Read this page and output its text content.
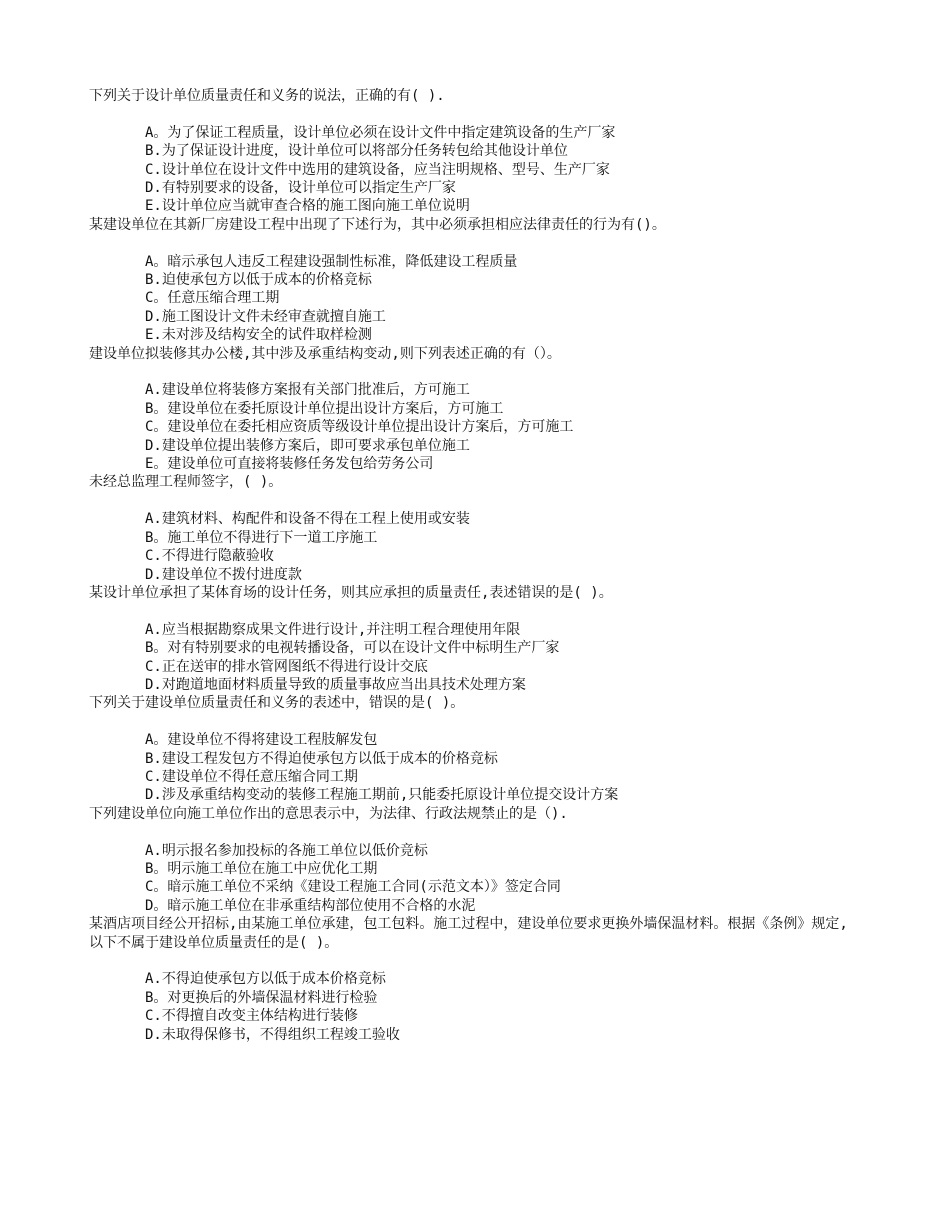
下列关于设计单位质量责任和义务的说法，正确的有( ).

A。为了保证工程质量，设计单位必须在设计文件中指定建筑设备的生产厂家
B.为了保证设计进度，设计单位可以将部分任务转包给其他设计单位
C.设计单位在设计文件中选用的建筑设备，应当注明规格、型号、生产厂家
D.有特别要求的设备，设计单位可以指定生产厂家
E.设计单位应当就审查合格的施工图向施工单位说明

某建设单位在其新厂房建设工程中出现了下述行为，其中必须承担相应法律责任的行为有()。

A。暗示承包人违反工程建设强制性标准，降低建设工程质量
B.迫使承包方以低于成本的价格竞标
C。任意压缩合理工期
D.施工图设计文件未经审查就擅自施工
E.未对涉及结构安全的试件取样检测

建设单位拟装修其办公楼,其中涉及承重结构变动,则下列表述正确的有（）。

A.建设单位将装修方案报有关部门批准后，方可施工
B。建设单位在委托原设计单位提出设计方案后，方可施工
C。建设单位在委托相应资质等级设计单位提出设计方案后，方可施工
D.建设单位提出装修方案后，即可要求承包单位施工
E。建设单位可直接将装修任务发包给劳务公司

未经总监理工程师签字，( )。

A.建筑材料、构配件和设备不得在工程上使用或安装
B。施工单位不得进行下一道工序施工
C.不得进行隐蔽验收
D.建设单位不拨付进度款

某设计单位承担了某体育场的设计任务，则其应承担的质量责任,表述错误的是( )。

A.应当根据勘察成果文件进行设计,并注明工程合理使用年限
B。对有特别要求的电视转播设备，可以在设计文件中标明生产厂家
C.正在送审的排水管网图纸不得进行设计交底
D.对跑道地面材料质量导致的质量事故应当出具技术处理方案

下列关于建设单位质量责任和义务的表述中，错误的是( )。

A。建设单位不得将建设工程肢解发包
B.建设工程发包方不得迫使承包方以低于成本的价格竞标
C.建设单位不得任意压缩合同工期
D.涉及承重结构变动的装修工程施工期前,只能委托原设计单位提交设计方案

下列建设单位向施工单位作出的意思表示中，为法律、行政法规禁止的是（).

A.明示报名参加投标的各施工单位以低价竞标
B。明示施工单位在施工中应优化工期
C。暗示施工单位不采纳《建设工程施工合同(示范文本）》签定合同
D。暗示施工单位在非承重结构部位使用不合格的水泥

某酒店项目经公开招标,由某施工单位承建，包工包料。施工过程中，建设单位要求更换外墙保温材料。根据《条例》规定,以下不属于建设单位质量责任的是( )。

A.不得迫使承包方以低于成本价格竞标
B。对更换后的外墙保温材料进行检验
C.不得擅自改变主体结构进行装修
D.未取得保修书，不得组织工程竣工验收
